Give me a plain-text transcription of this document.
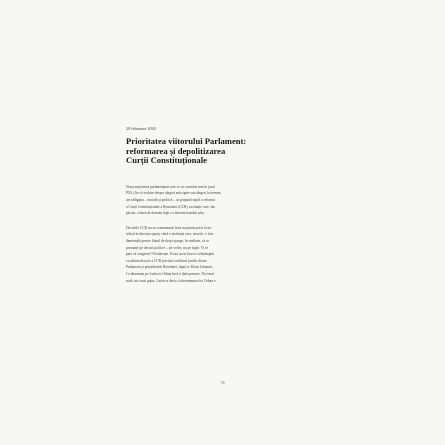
29 februarie 2020
Prioritatea viitorului Parlament:
reformarea și depolitizarea
Curții Constituționale

Noua majoritate parlamentară care se va constitui mai în jurul
PNL (fie că vorbim despre alegeri anticipate sau alegeri la termen,
are obligația – morală și politică – să propună rapid o reformă
a Curții Constituționale a României (CCR), instituție care, din
păcate, a întrucât domnia legii cu domnia bunului plac.

Deciziile CCR nu se comentează, încă nu putem privi la ne-
sfârșit în direcția opusă, când o instituție care, teoretic, e fun-
damentală pentru Statul de drept ajunge, în realitate, să se
pronunțe pe decizii politice – pe vorbe, nu pe fapte. Vi se
pare că exagerez? Nicidecum. Exact acest lucru s-a întâmplat
cu ultima decizie a CCR privind conflictul juridic dintre
Parlament și președintele României, după ce Klaus Iohannis
l-a desemnat pe Ludovic Orban încă o dată premier. Nici mai
mult, nici mai puțin, Curtea a decis că desemnarea lui Orban e

74
